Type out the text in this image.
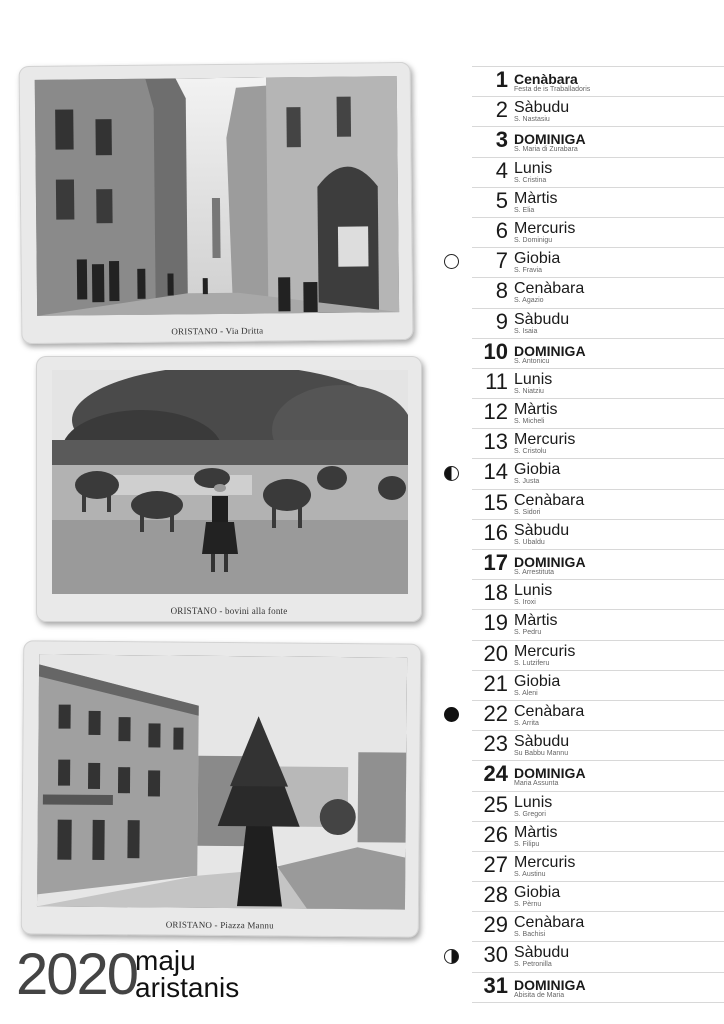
ORISTANO - Via Dritta
ORISTANO - bovini alla fonte
ORISTANO - Piazza Mannu
2020
maju
aristanis
1 Cenàbara
Festa de is Traballadoris
2 Sàbudu
S. Nastasiu
3 DOMINIGA
S. Maria di Zurabara
4 Lunis
S. Cristina
5 Màrtis
S. Elia
6 Mercuris
S. Dominigu
7 Giobia
S. Fravia
8 Cenàbara
S. Agazio
9 Sàbudu
S. Isaia
10 DOMINIGA
S. Antonicu
11 Lunis
S. Niatziu
12 Màrtis
S. Micheli
13 Mercuris
S. Cristolu
14 Giobia
S. Justa
15 Cenàbara
S. Sidori
16 Sàbudu
S. Ubaldu
17 DOMINIGA
S. Arrestituta
18 Lunis
S. Iroxi
19 Màrtis
S. Pedru
20 Mercuris
S. Lutziferu
21 Giobia
S. Aleni
22 Cenàbara
S. Arrita
23 Sàbudu
Su Babbu Mannu
24 DOMINIGA
Maria Assunta
25 Lunis
S. Gregori
26 Màrtis
S. Filipu
27 Mercuris
S. Austinu
28 Giobia
S. Pèrnu
29 Cenàbara
S. Bachisi
30 Sàbudu
S. Petronilla
31 DOMINIGA
Abisita de Maria
